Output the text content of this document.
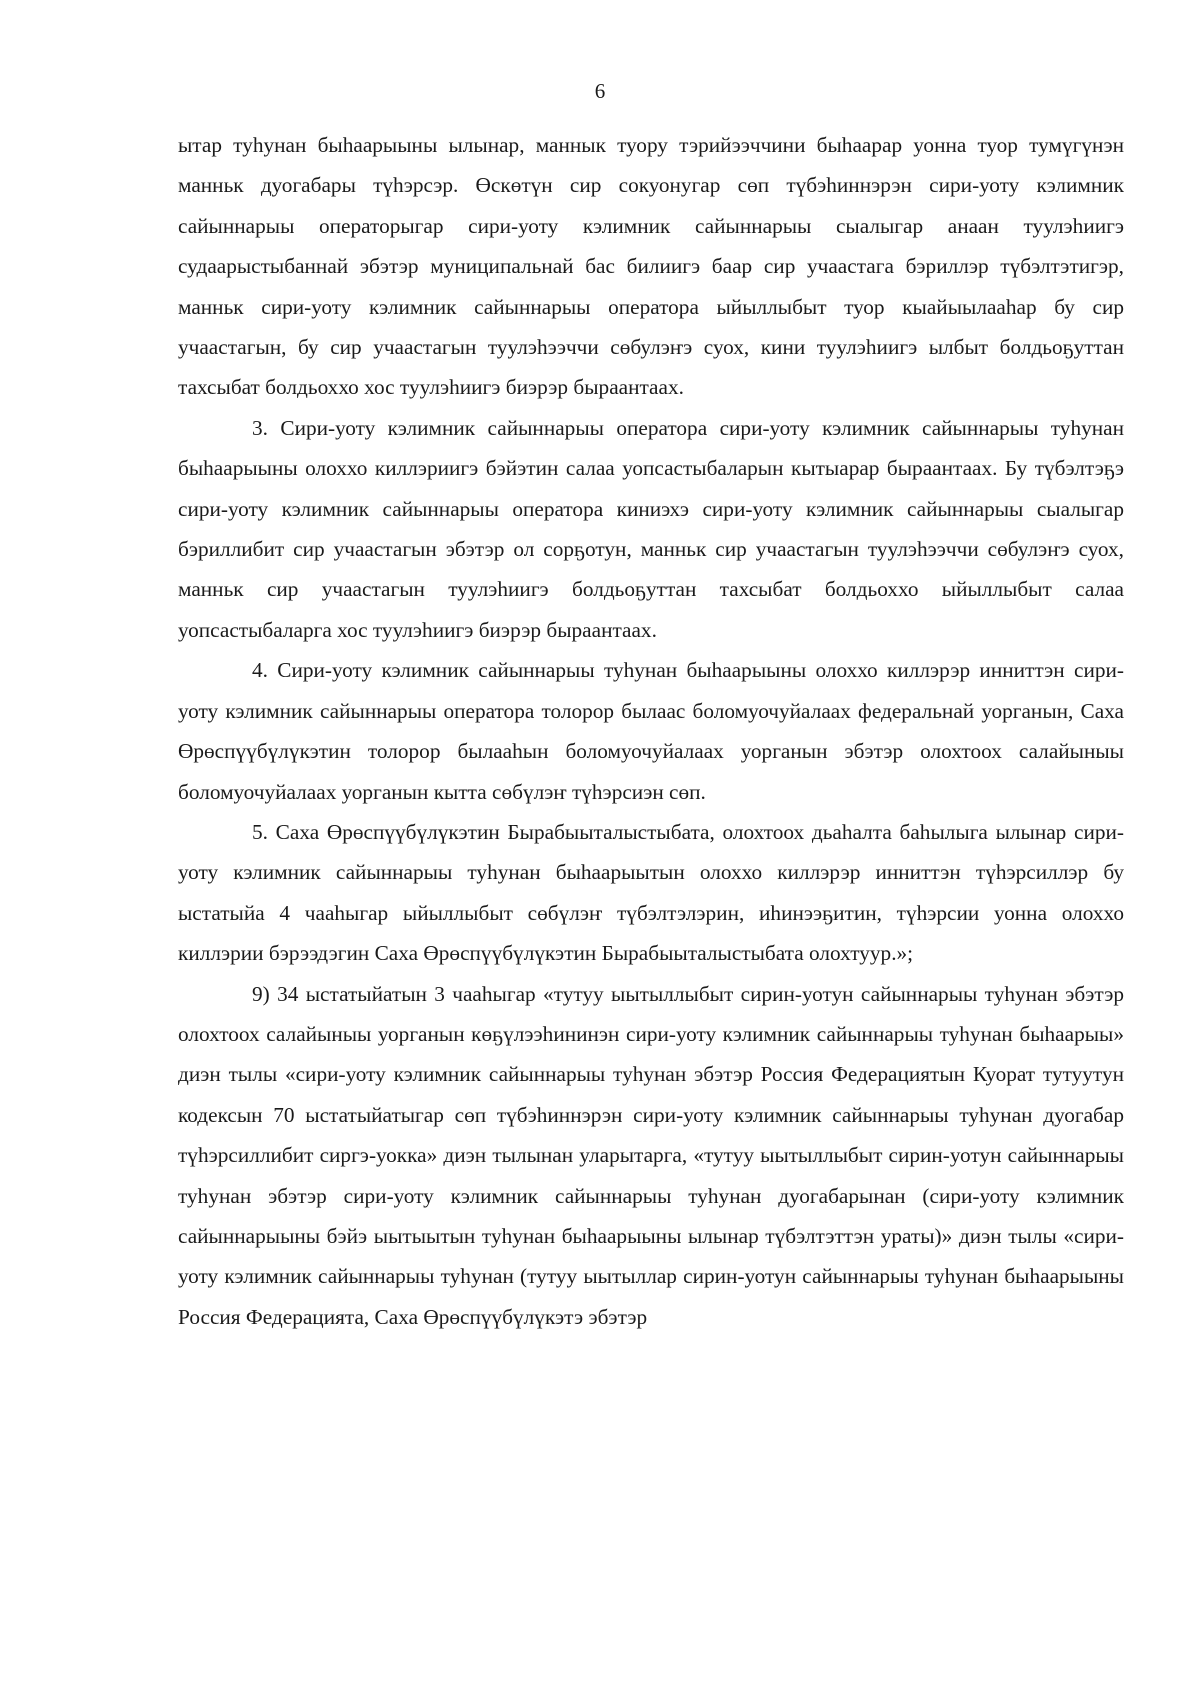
6

ытар туһунан быһаарыыны ылынар, маннык туору тэрийээччини быһаарар уонна туор тумүгүнэн манньк дуогабары түһэрсэр. Өскөтүн сир сокуонугар сөп түбэһиннэрэн сири-уоту кэлимник сайыннарыы операторыгар сири-уоту кэлимник сайыннарыы сыалыгар анаан туулэһиигэ судаарыстыбаннай эбэтэр муниципальнай бас билиигэ баар сир учаастага бэриллэр түбэлтэтигэр, манньк сири-уоту кэлимник сайыннарыы оператора ыйыллыбыт туор кыайыылааһар бу сир учаастагын, бу сир учаастагын туулэһээччи сөбулэҥэ суох, кини туулэһиигэ ылбыт болдьоҕуттан тахсыбат болдьоххо хос туулэһиигэ биэрэр быраантаах.

3. Сири-уоту кэлимник сайыннарыы оператора сири-уоту кэлимник сайыннарыы туһунан быһаарыыны олоххо киллэриигэ бэйэтин салаа уопсастыбаларын кытыарар быраантаах. Бу түбэлтэҕэ сири-уоту кэлимник сайыннарыы оператора киниэхэ сири-уоту кэлимник сайыннарыы сыалыгар бэриллибит сир учаастагын эбэтэр ол сорҕотун, манньк сир учаастагын туулэһээччи сөбулэҥэ суох, манньк сир учаастагын туулэһиигэ болдьоҕуттан тахсыбат болдьоххо ыйыллыбыт салаа уопсастыбаларга хос туулэһиигэ биэрэр быраантаах.

4. Сири-уоту кэлимник сайыннарыы туһунан быһаарыыны олоххо киллэрэр инниттэн сири-уоту кэлимник сайыннарыы оператора толорор былаас боломуочуйалаах федеральнай уорганын, Саха Өрөспүүбүлүкэтин толорор былааһын боломуочуйалаах уорганын эбэтэр олохтоох салайыныы боломуочуйалаах уорганын кытта сөбүлэҥ түһэрсиэн сөп.

5. Саха Өрөспүүбүлүкэтин Бырабыыталыстыбата, олохтоох дьаһалта баһылыга ылынар сири-уоту кэлимник сайыннарыы туһунан быһаарыытын олоххо киллэрэр инниттэн түһэрсиллэр бу ыстатыйа 4 чааһыгар ыйыллыбыт сөбүлэҥ түбэлтэлэрин, иһинээҕитин, түһэрсии уонна олоххо киллэрии бэрээдэгин Саха Өрөспүүбүлүкэтин Бырабыыталыстыбата олохтуур.»;

9) 34 ыстатыйатын 3 чааһыгар «тутуу ыытыллыбыт сирин-уотун сайыннарыы туһунан эбэтэр олохтоох салайыныы уорганын көҕүлээһининэн сири-уоту кэлимник сайыннарыы туһунан быһаарыы» диэн тылы «сири-уоту кэлимник сайыннарыы туһунан эбэтэр Россия Федерациятын Куорат тутуутун кодексын 70 ыстатыйатыгар сөп түбэһиннэрэн сири-уоту кэлимник сайыннарыы туһунан дуогабар түһэрсиллибит сиргэ-уокка» диэн тылынан уларытарга, «тутуу ыытыллыбыт сирин-уотун сайыннарыы туһунан эбэтэр сири-уоту кэлимник сайыннарыы туһунан дуогабарынан (сири-уоту кэлимник сайыннарыыны бэйэ ыытыытын туһунан быһаарыыны ылынар түбэлтэттэн ураты)» диэн тылы «сири-уоту кэлимник сайыннарыы туһунан (тутуу ыытыллар сирин-уотун сайыннарыы туһунан быһаарыыны Россия Федерацията, Саха Өрөспүүбүлүкэтэ эбэтэр
